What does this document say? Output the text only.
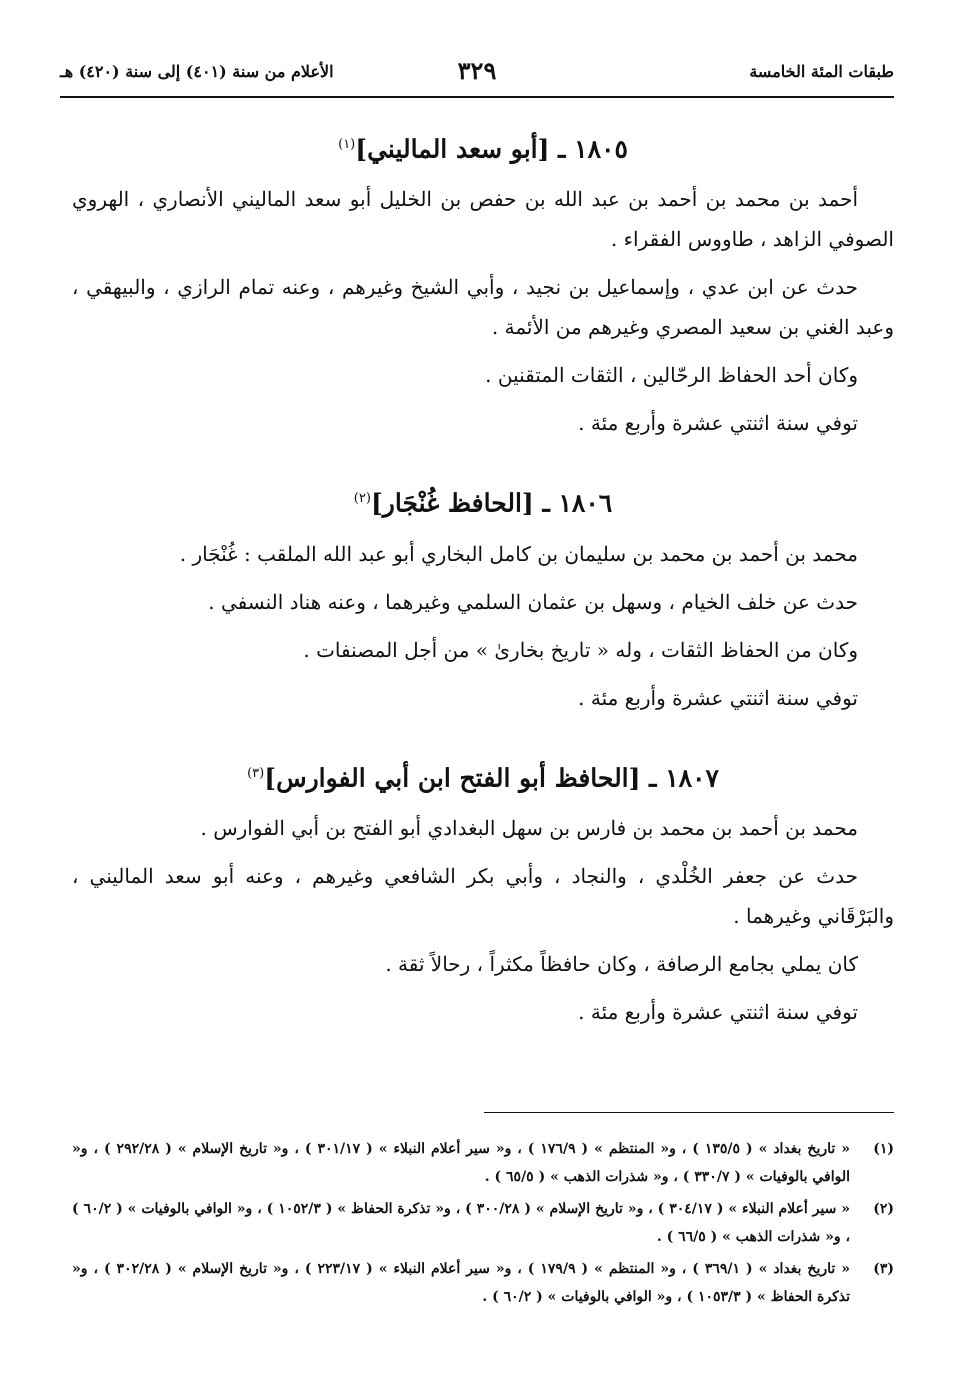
طبقات المئة الخامسة
٣٢٩
الأعلام من سنة (٤٠١) إلى سنة (٤٢٠) هـ
١٨٠٥ ـ [أبو سعد الماليني]$^{(١)}$

أحمد بن محمد بن أحمد بن عبد الله بن حفص بن الخليل أبو سعد الماليني الأنصاري ، الهروي الصوفي الزاهد ، طاووس الفقراء .

حدث عن ابن عدي ، وإسماعيل بن نجيد ، وأبي الشيخ وغيرهم ، وعنه تمام الرازي ، والبيهقي ، وعبد الغني بن سعيد المصري وغيرهم من الأئمة .

وكان أحد الحفاظ الرحّالين ، الثقات المتقنين .

توفي سنة اثنتي عشرة وأربع مئة .

١٨٠٦ ـ [الحافظ غُنْجَار]$^{(٢)}$

محمد بن أحمد بن محمد بن سليمان بن كامل البخاري أبو عبد الله الملقب : غُنْجَار .

حدث عن خلف الخيام ، وسهل بن عثمان السلمي وغيرهما ، وعنه هناد النسفي .

وكان من الحفاظ الثقات ، وله « تاريخ بخارىٰ » من أجل المصنفات .

توفي سنة اثنتي عشرة وأربع مئة .

١٨٠٧ ـ [الحافظ أبو الفتح ابن أبي الفوارس]$^{(٣)}$

محمد بن أحمد بن محمد بن فارس بن سهل البغدادي أبو الفتح بن أبي الفوارس .

حدث عن جعفر الخُلْدي ، والنجاد ، وأبي بكر الشافعي وغيرهم ، وعنه أبو سعد الماليني ، والبَرْقَاني وغيرهما .

كان يملي بجامع الرصافة ، وكان حافظاً مكثراً ، رحالاً ثقة .

توفي سنة اثنتي عشرة وأربع مئة .

(١)
« تاريخ بغداد » ( ١٣٥/٥ ) ، و« المنتظم » ( ١٧٦/٩ ) ، و« سير أعلام النبلاء » ( ٣٠١/١٧ ) ، و« تاريخ الإسلام » ( ٢٩٢/٢٨ ) ، و« الوافي بالوفيات » ( ٣٣٠/٧ ) ، و« شذرات الذهب » ( ٦٥/٥ ) .
(٢)
« سير أعلام النبلاء » ( ٣٠٤/١٧ ) ، و« تاريخ الإسلام » ( ٣٠٠/٢٨ ) ، و« تذكرة الحفاظ » ( ١٠٥٢/٣ ) ، و« الوافي بالوفيات » ( ٦٠/٢ ) ، و« شذرات الذهب » ( ٦٦/٥ ) .
(٣)
« تاريخ بغداد » ( ٣٦٩/١ ) ، و« المنتظم » ( ١٧٩/٩ ) ، و« سير أعلام النبلاء » ( ٢٢٣/١٧ ) ، و« تاريخ الإسلام » ( ٣٠٢/٢٨ ) ، و« تذكرة الحفاظ » ( ١٠٥٣/٣ ) ، و« الوافي بالوفيات » ( ٦٠/٢ ) .
